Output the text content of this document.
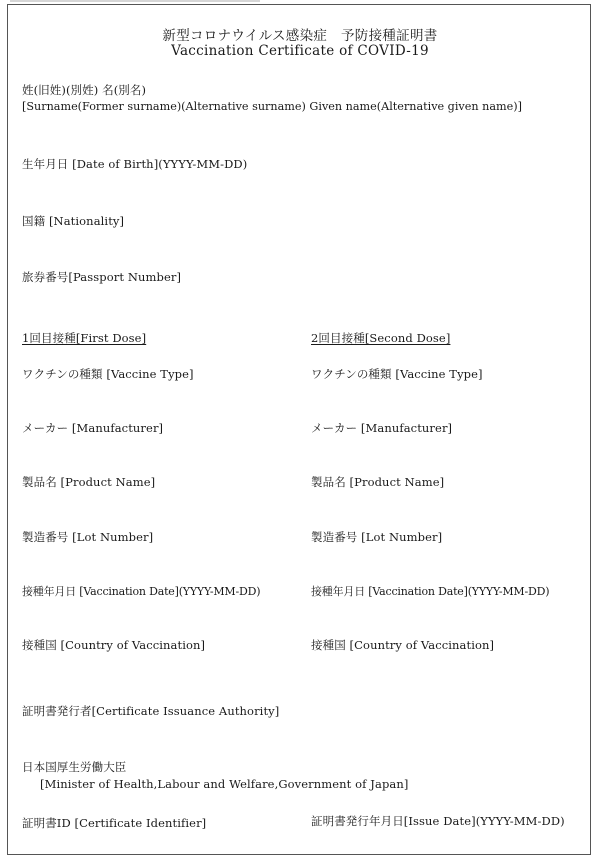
新型コロナウイルス感染症　予防接種証明書
Vaccination Certificate of COVID-19
姓(旧姓)(別姓) 名(別名)
[Surname(Former surname)(Alternative surname) Given name(Alternative given name)]
生年月日 [Date of Birth](YYYY-MM-DD)
国籍 [Nationality]
旅券番号[Passport Number]
1回目接種[First Dose]	2回目接種[Second Dose]
ワクチンの種類 [Vaccine Type]	ワクチンの種類 [Vaccine Type]
メーカー [Manufacturer]	メーカー [Manufacturer]
製品名 [Product Name]	製品名 [Product Name]
製造番号 [Lot Number]	製造番号 [Lot Number]
接種年月日 [Vaccination Date](YYYY-MM-DD)	接種年月日 [Vaccination Date](YYYY-MM-DD)
接種国 [Country of Vaccination]	接種国 [Country of Vaccination]
証明書発行者[Certificate Issuance Authority]
日本国厚生労働大臣
[Minister of Health,Labour and Welfare,Government of Japan]
証明書ID [Certificate Identifier]	証明書発行年月日[Issue Date](YYYY-MM-DD)
